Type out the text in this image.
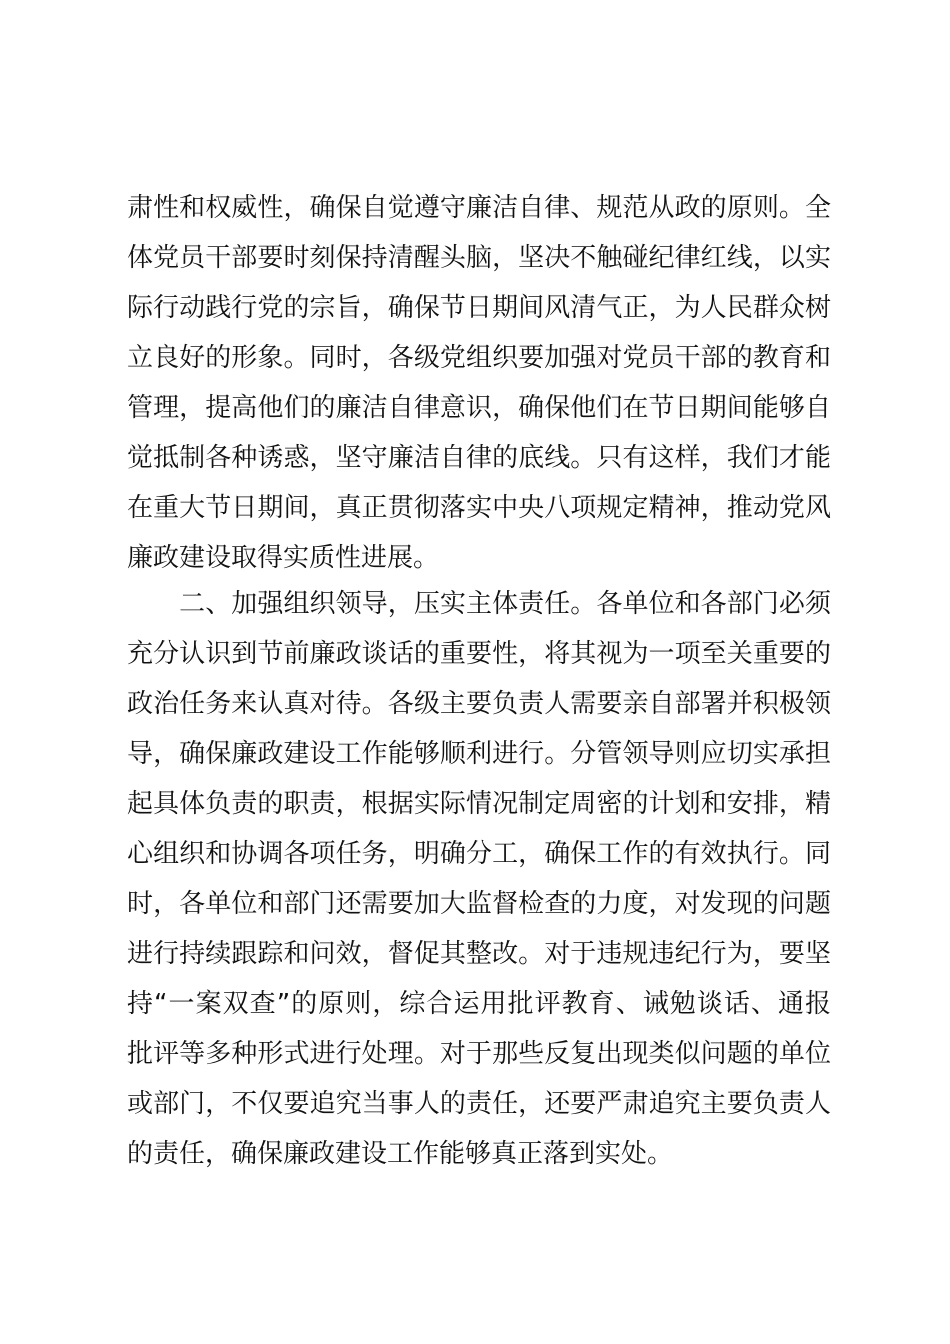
肃性和权威性，确保自觉遵守廉洁自律、规范从政的原则。全
体党员干部要时刻保持清醒头脑，坚决不触碰纪律红线，以实
际行动践行党的宗旨，确保节日期间风清气正，为人民群众树
立良好的形象。同时，各级党组织要加强对党员干部的教育和
管理，提高他们的廉洁自律意识，确保他们在节日期间能够自
觉抵制各种诱惑，坚守廉洁自律的底线。只有这样，我们才能
在重大节日期间，真正贯彻落实中央八项规定精神，推动党风
廉政建设取得实质性进展。
　　二、加强组织领导，压实主体责任。各单位和各部门必须
充分认识到节前廉政谈话的重要性，将其视为一项至关重要的
政治任务来认真对待。各级主要负责人需要亲自部署并积极领
导，确保廉政建设工作能够顺利进行。分管领导则应切实承担
起具体负责的职责，根据实际情况制定周密的计划和安排，精
心组织和协调各项任务，明确分工，确保工作的有效执行。同
时，各单位和部门还需要加大监督检查的力度，对发现的问题
进行持续跟踪和问效，督促其整改。对于违规违纪行为，要坚
持“一案双查”的原则，综合运用批评教育、诫勉谈话、通报
批评等多种形式进行处理。对于那些反复出现类似问题的单位
或部门，不仅要追究当事人的责任，还要严肃追究主要负责人
的责任，确保廉政建设工作能够真正落到实处。
